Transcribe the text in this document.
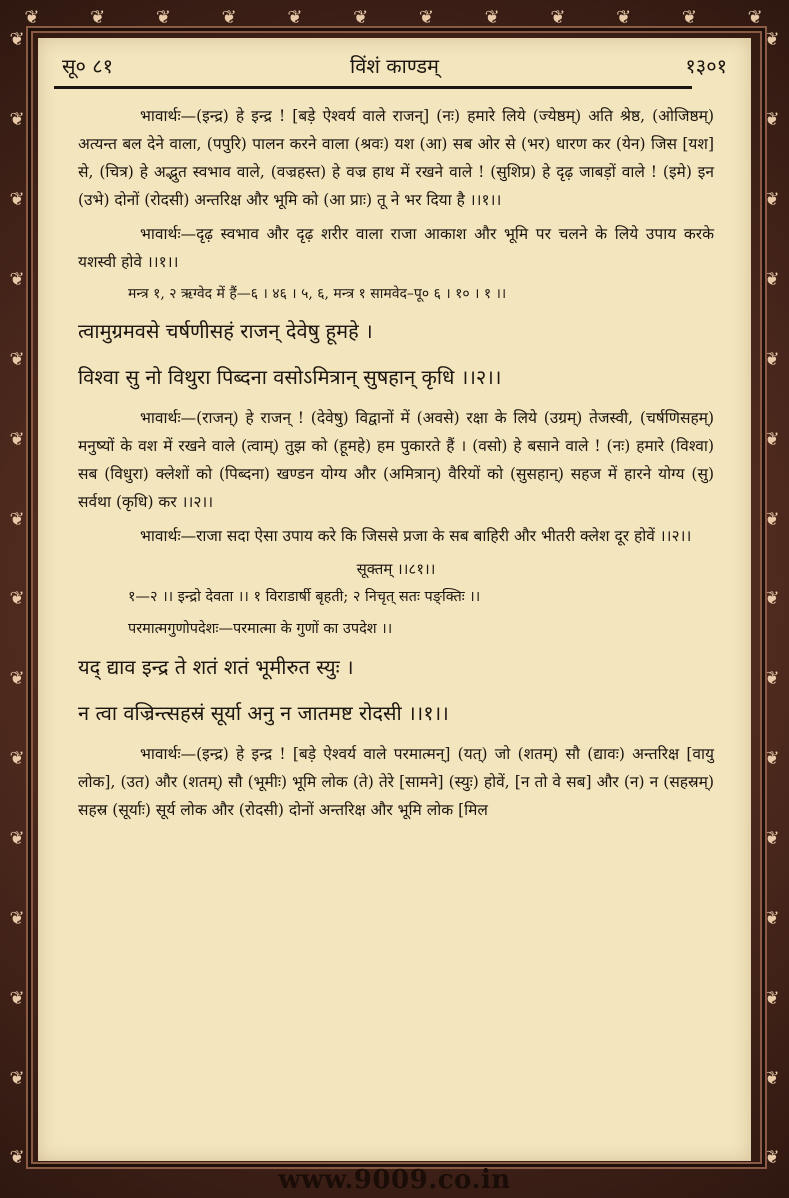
❦	❦	❦	❦	❦	❦	❦	❦	❦	❦	❦	❦
❦
❦
❦
❦
❦
❦
❦
❦
❦
❦
❦
❦
❦
❦
❦
❦
❦
❦
❦
❦
❦
❦
❦
❦
❦
❦
❦
❦
❦
❦
सू० ८१	विंशं काण्डम्	१३०१

भावार्थः—(इन्द्र) हे इन्द्र ! [बड़े ऐश्वर्य वाले राजन्] (नः) हमारे लिये (ज्येष्ठम्) अति श्रेष्ठ, (ओजिष्ठम्) अत्यन्त बल देने वाला, (पपुरि) पालन करने वाला (श्रवः) यश (आ) सब ओर से (भर) धारण कर (येन) जिस [यश] से, (चित्र) हे अद्भुत स्वभाव वाले, (वज्रहस्त) हे वज्र हाथ में रखने वाले ! (सुशिप्र) हे दृढ़ जाबड़ों वाले ! (इमे) इन (उभे) दोनों (रोदसी) अन्तरिक्ष और भूमि को (आ प्राः) तू ने भर दिया है ।।१।।

भावार्थः—दृढ़ स्वभाव और दृढ़ शरीर वाला राजा आकाश और भूमि पर चलने के लिये उपाय करके यशस्वी होवे ।।१।।

मन्त्र १, २ ऋग्वेद में हैं—६ । ४६ । ५, ६, मन्त्र १ सामवेद–पू० ६ । १० । १ ।।

त्वामुग्रमवसे चर्षणीसहं राजन् देवेषु हूमहे ।
विश्वा सु नो विथुरा पिब्दना वसोऽमित्रान् सुषहान् कृधि ।।२।।

भावार्थः—(राजन्) हे राजन् ! (देवेषु) विद्वानों में (अवसे) रक्षा के लिये (उग्रम्) तेजस्वी, (चर्षणिसहम्) मनुष्यों के वश में रखने वाले (त्वाम्) तुझ को (हूमहे) हम पुकारते हैं । (वसो) हे बसाने वाले ! (नः) हमारे (विश्वा) सब (विधुरा) क्लेशों को (पिब्दना) खण्डन योग्य और (अमित्रान्) वैरियों को (सुसहान्) सहज में हारने योग्य (सु) सर्वथा (कृधि) कर ।।२।।

भावार्थः—राजा सदा ऐसा उपाय करे कि जिससे प्रजा के सब बाहिरी और भीतरी क्लेश दूर होवें ।।२।।

सूक्तम् ।।८१।।
१—२ ।। इन्द्रो देवता ।। १ विराडार्षी बृहती; २ निचृत् सतः पङ्क्तिः ।।
परमात्मगुणोपदेशः—परमात्मा के गुणों का उपदेश ।।
यद् द्याव इन्द्र ते शतं शतं भूमीरुत स्युः ।
न त्वा वज्रिन्त्सहस्रं सूर्या अनु न जातमष्ट रोदसी ।।१।।

भावार्थः—(इन्द्र) हे इन्द्र ! [बड़े ऐश्वर्य वाले परमात्मन्] (यत्) जो (शतम्) सौ (द्यावः) अन्तरिक्ष [वायु लोक], (उत) और (शतम्) सौ (भूमीः) भूमि लोक (ते) तेरे [सामने] (स्युः) होवें, [न तो वे सब] और (न) न (सहस्रम्) सहस्र (सूर्याः) सूर्य लोक और (रोदसी) दोनों अन्तरिक्ष और भूमि लोक [मिल

www.9009.co.in
